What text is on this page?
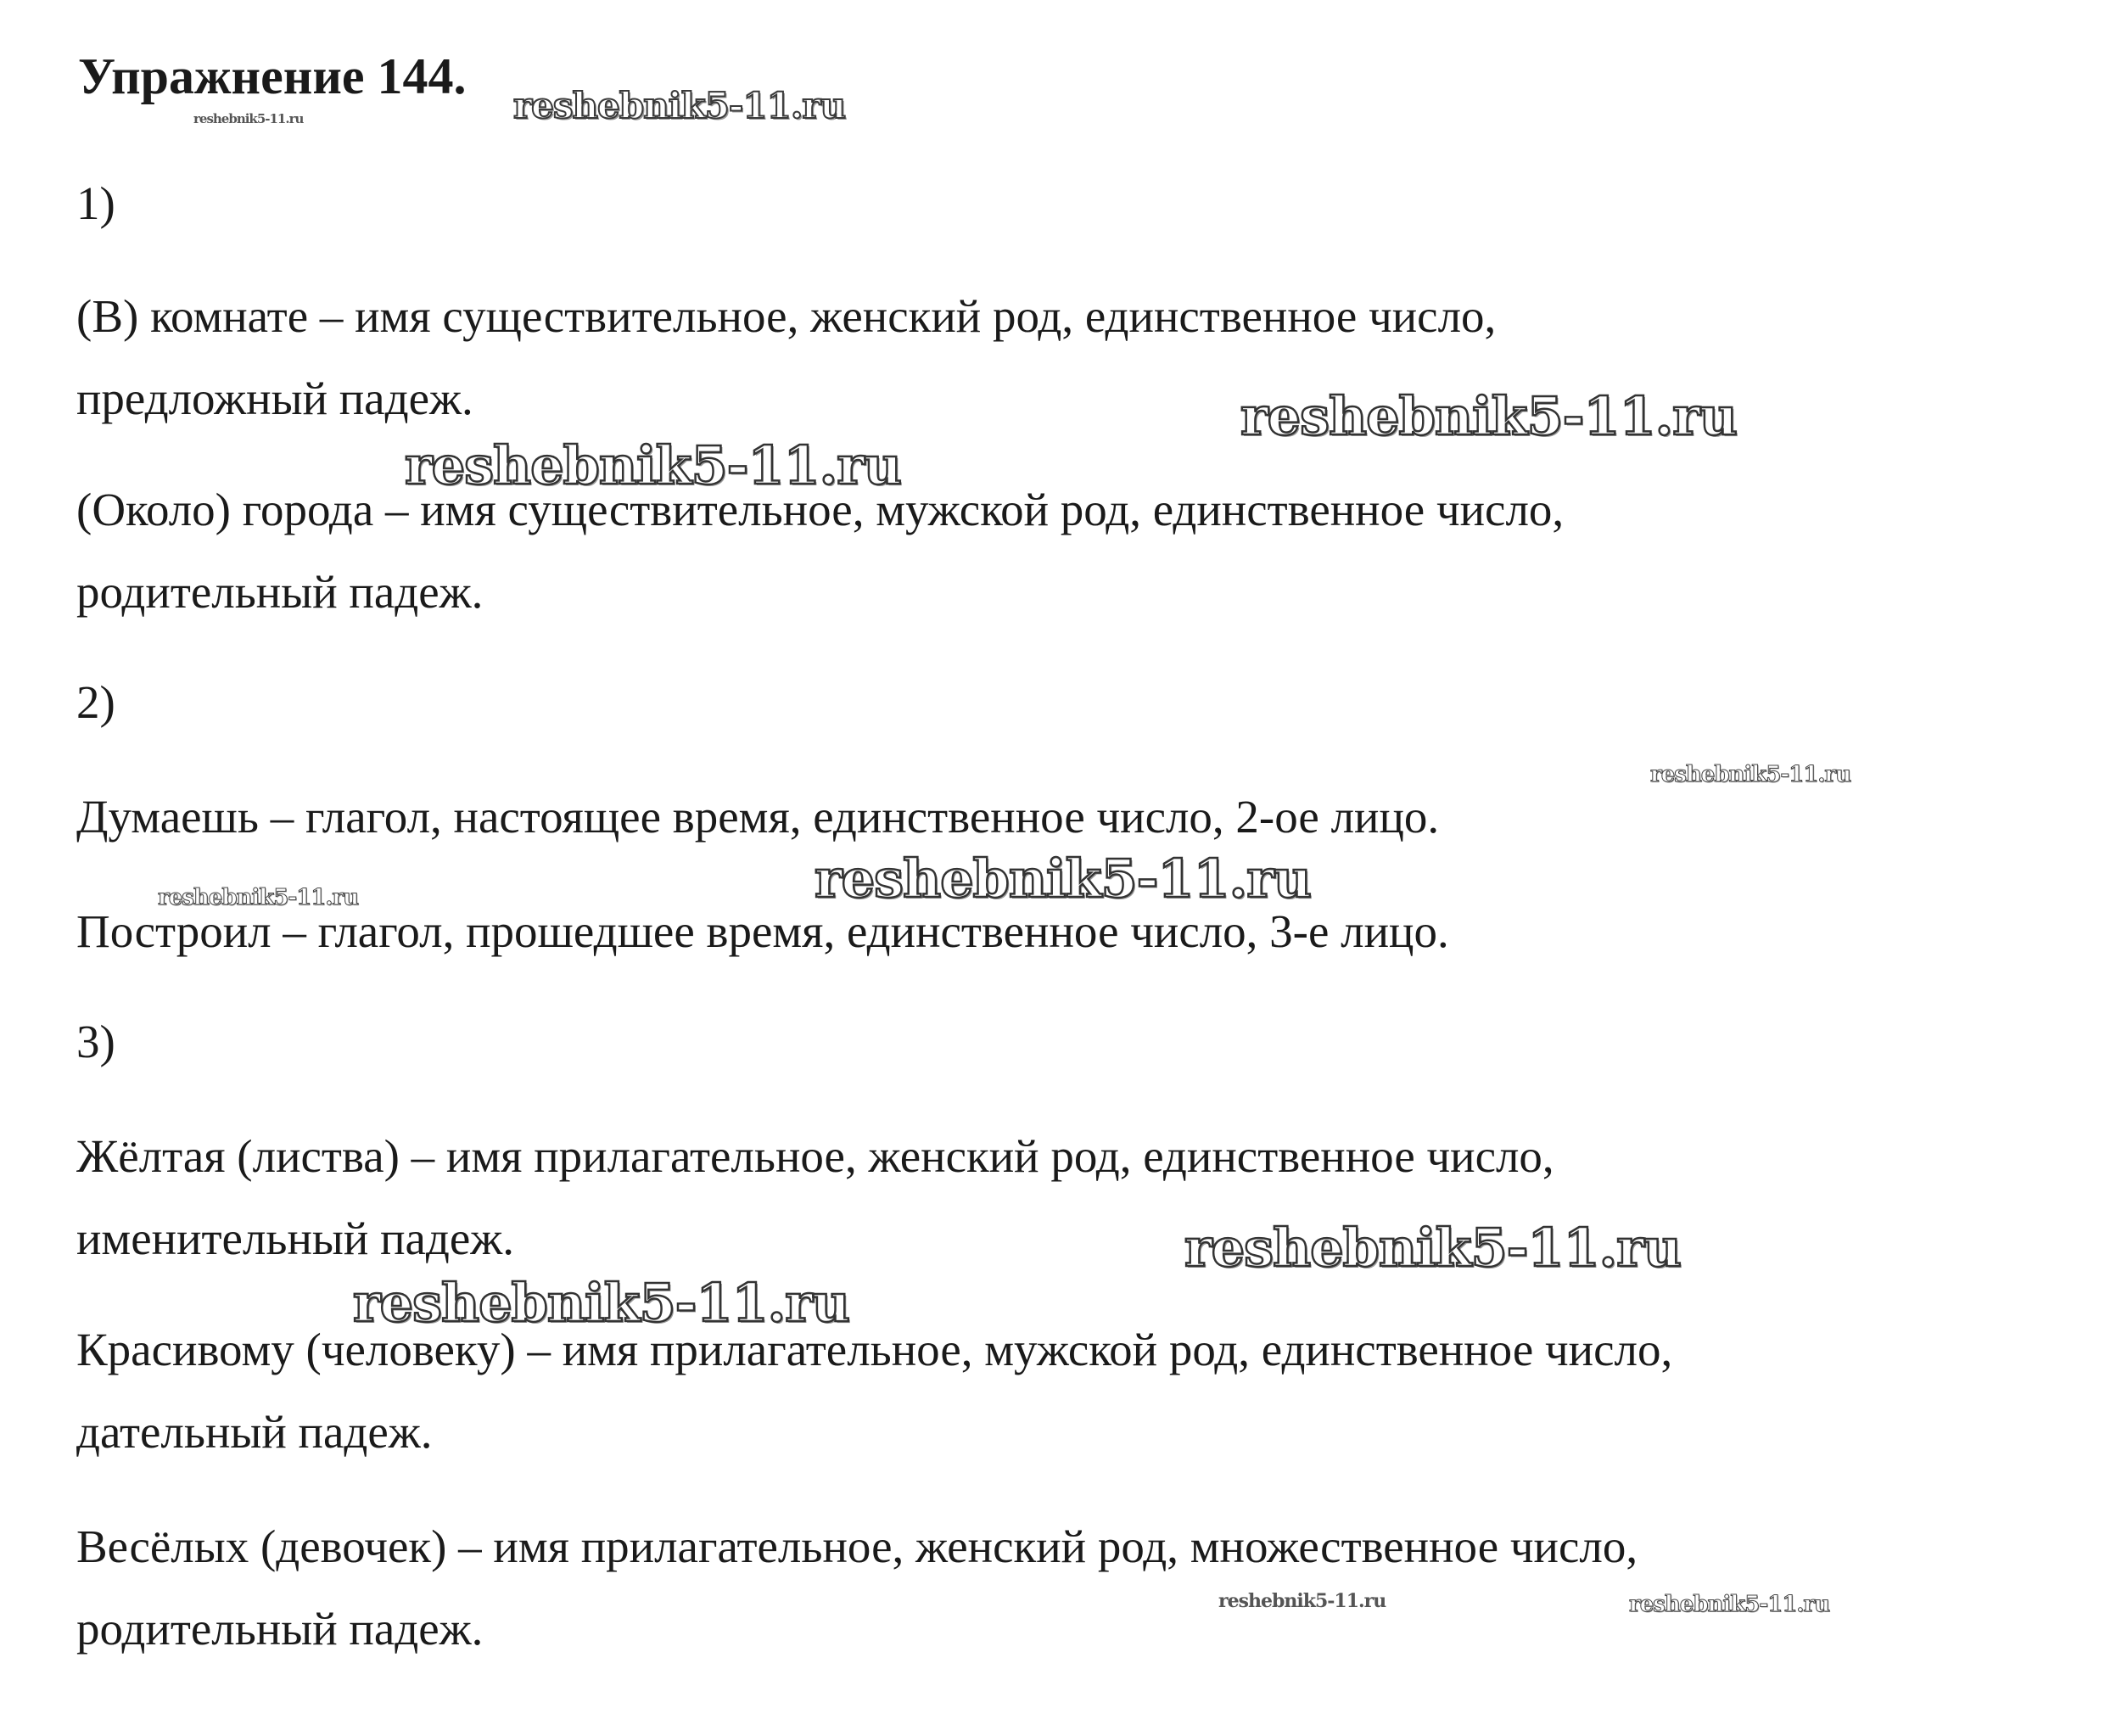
Упражнение 144.
1)
(В) комнате – имя существительное, женский род, единственное число,
предложный падеж.
(Около) города – имя существительное, мужской род, единственное число,
родительный падеж.
2)
Думаешь – глагол, настоящее время, единственное число, 2-ое лицо.
Построил – глагол, прошедшее время, единственное число, 3-е лицо.
3)
Жёлтая (листва) – имя прилагательное, женский род, единственное число,
именительный падеж.
Красивому (человеку) – имя прилагательное, мужской род, единственное число,
дательный падеж.
Весёлых (девочек) – имя прилагательное, женский род, множественное число,
родительный падеж.
reshebnik5-11.ru
reshebnik5-11.ru
reshebnik5-11.ru
reshebnik5-11.ru
reshebnik5-11.ru
reshebnik5-11.ru
reshebnik5-11.ru
reshebnik5-11.ru
reshebnik5-11.ru
reshebnik5-11.ru	reshebnik5-11.ru
